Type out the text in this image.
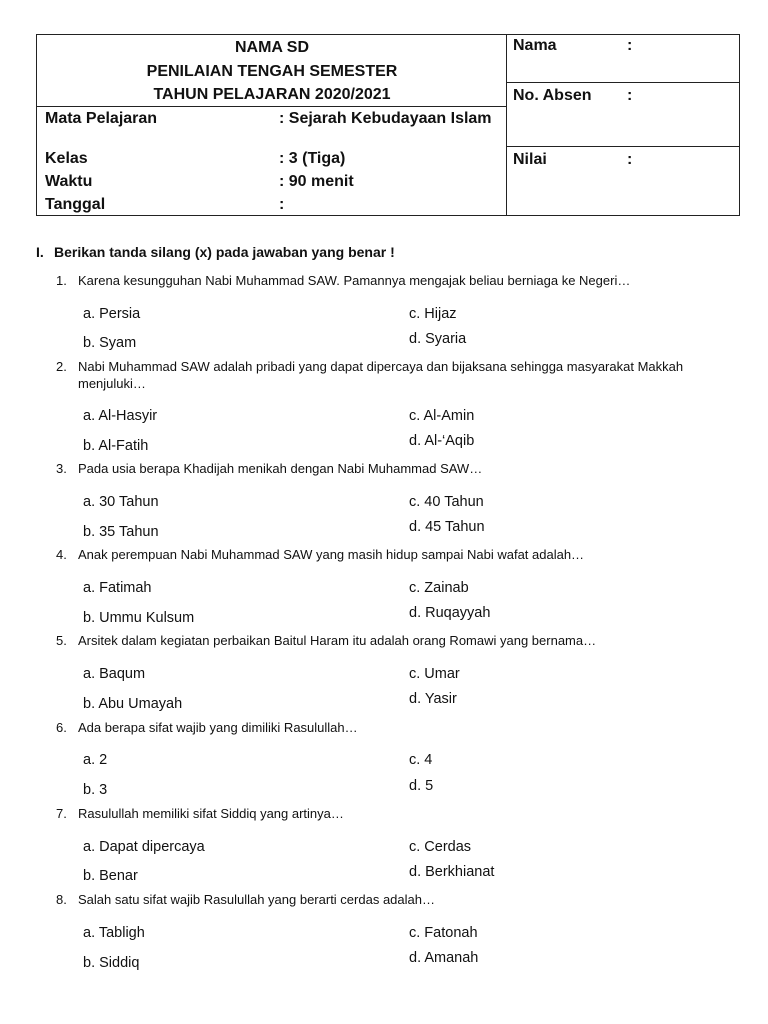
NAMA SD
PENILAIAN TENGAH SEMESTER
TAHUN PELAJARAN 2020/2021
Mata Pelajaran	: Sejarah Kebudayaan Islam
Kelas	: 3 (Tiga)
Waktu	: 90 menit
Tanggal	:
Nama	:
No. Absen :
Nilai	:
I. Berikan tanda silang (x) pada jawaban yang benar !
1. Karena kesungguhan Nabi Muhammad SAW. Pamannya mengajak beliau berniaga ke Negeri…
a. Persia
b. Syam
c. Hijaz
d. Syaria
2. Nabi Muhammad SAW adalah pribadi yang dapat dipercaya dan bijaksana sehingga masyarakat Makkah menjuluki…
a. Al-Hasyir
b. Al-Fatih
c. Al-Amin
d. Al-‘Aqib
3. Pada usia berapa Khadijah menikah dengan Nabi Muhammad SAW…
a. 30 Tahun
b. 35 Tahun
c. 40 Tahun
d. 45 Tahun
4. Anak perempuan Nabi Muhammad SAW yang masih hidup sampai Nabi wafat adalah…
a. Fatimah
b. Ummu Kulsum
c. Zainab
d. Ruqayyah
5. Arsitek dalam kegiatan perbaikan Baitul Haram itu adalah orang Romawi yang bernama…
a. Baqum
b. Abu Umayah
c. Umar
d. Yasir
6. Ada berapa sifat wajib yang dimiliki Rasulullah…
a. 2
b. 3
c. 4
d. 5
7. Rasulullah memiliki sifat Siddiq yang artinya…
a. Dapat dipercaya
b. Benar
c. Cerdas
d. Berkhianat
8. Salah satu sifat wajib Rasulullah yang berarti cerdas adalah…
a. Tabligh
b. Siddiq
c. Fatonah
d. Amanah
